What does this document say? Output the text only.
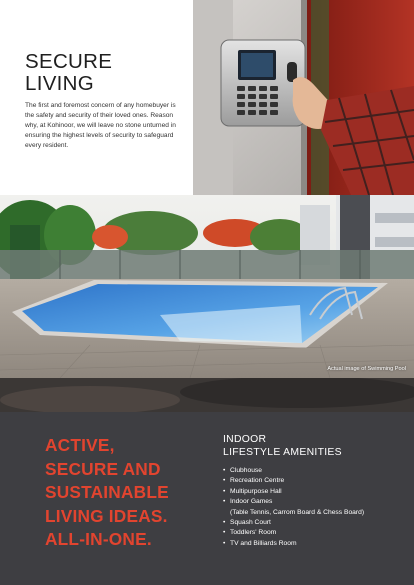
SECURE
LIVING

The first and foremost concern of any homebuyer is the safety and security of their loved ones. Reason why, at Kohinoor, we will leave no stone unturned in ensuring the highest levels of security to safeguard every resident.

Actual image of Swimming Pool
ACTIVE,
SECURE AND
SUSTAINABLE
LIVING IDEAS.
ALL-IN-ONE.
INDOOR
LIFESTYLE AMENITIES
• Clubhouse
• Recreation Centre
• Multipurpose Hall
• Indoor Games
(Table Tennis, Carrom Board & Chess Board)
• Squash Court
• Toddlers' Room
• TV and Billiards Room
